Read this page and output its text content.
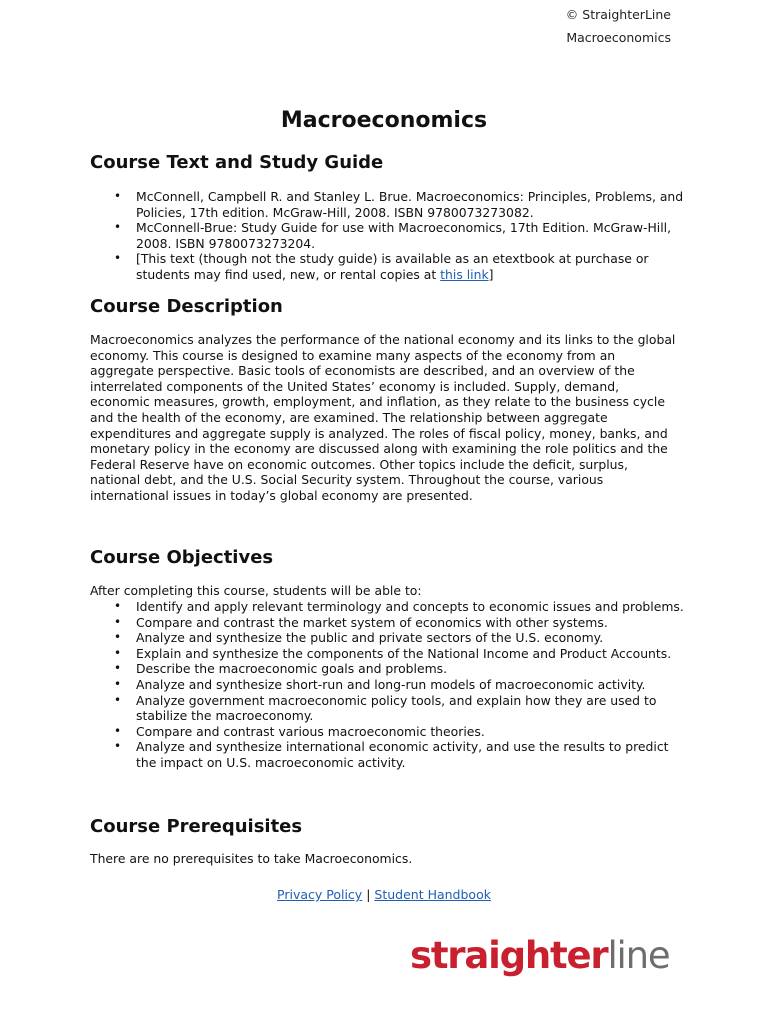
© StraighterLine
Macroeconomics
Macroeconomics
Course Text and Study Guide
• McConnell, Campbell R. and Stanley L. Brue. Macroeconomics: Principles, Problems, and Policies, 17th edition. McGraw-Hill, 2008. ISBN 9780073273082.
• McConnell-Brue: Study Guide for use with Macroeconomics, 17th Edition. McGraw-Hill, 2008. ISBN 9780073273204.
• [This text (though not the study guide) is available as an etextbook at purchase or students may find used, new, or rental copies at this link]
Course Description

Macroeconomics analyzes the performance of the national economy and its links to the global economy. This course is designed to examine many aspects of the economy from an aggregate perspective. Basic tools of economists are described, and an overview of the interrelated components of the United States’ economy is included. Supply, demand, economic measures, growth, employment, and inflation, as they relate to the business cycle and the health of the economy, are examined. The relationship between aggregate expenditures and aggregate supply is analyzed. The roles of fiscal policy, money, banks, and monetary policy in the economy are discussed along with examining the role politics and the Federal Reserve have on economic outcomes. Other topics include the deficit, surplus, national debt, and the U.S. Social Security system. Throughout the course, various international issues in today’s global economy are presented.

Course Objectives

After completing this course, students will be able to:

• Identify and apply relevant terminology and concepts to economic issues and problems.
• Compare and contrast the market system of economics with other systems.
• Analyze and synthesize the public and private sectors of the U.S. economy.
• Explain and synthesize the components of the National Income and Product Accounts.
• Describe the macroeconomic goals and problems.
• Analyze and synthesize short-run and long-run models of macroeconomic activity.
• Analyze government macroeconomic policy tools, and explain how they are used to stabilize the macroeconomy.
• Compare and contrast various macroeconomic theories.
• Analyze and synthesize international economic activity, and use the results to predict the impact on U.S. macroeconomic activity.
Course Prerequisites

There are no prerequisites to take Macroeconomics.

Privacy Policy | Student Handbook
straighterline
